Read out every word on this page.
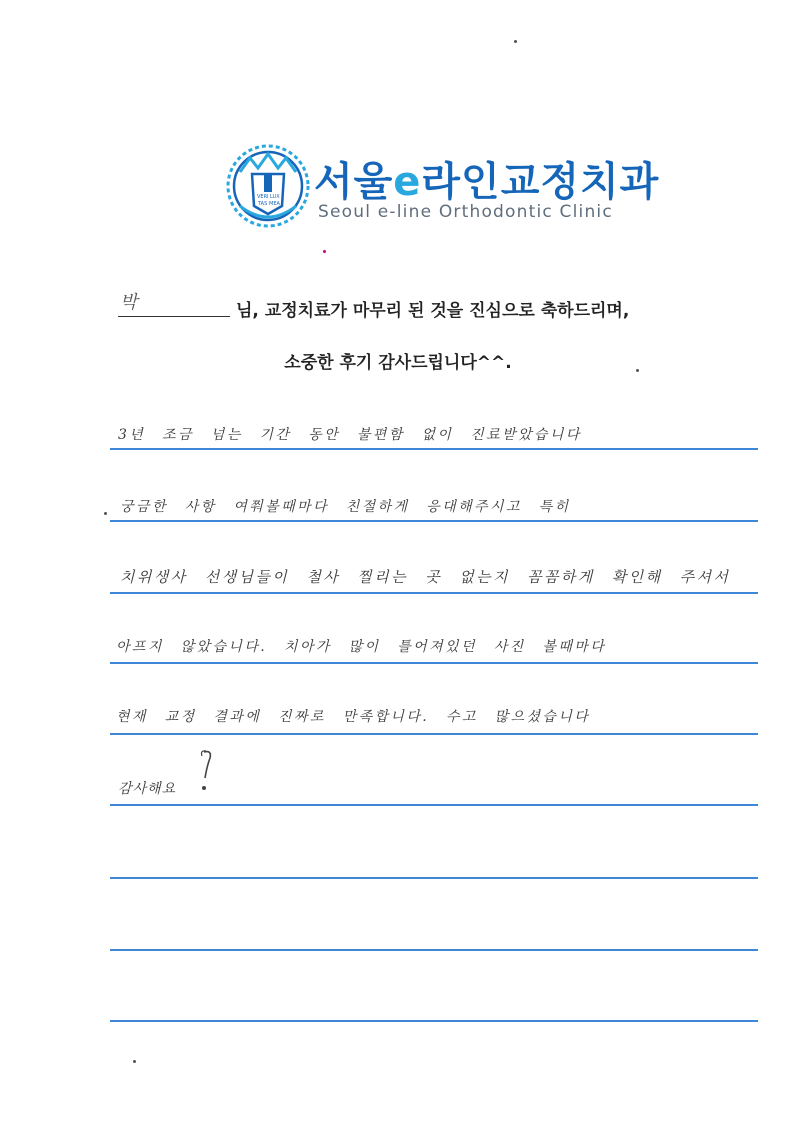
VERI LUX
TAS MEA 서울e라인교정치과
Seoul e-line Orthodontic Clinic
박	님, 교정치료가 마무리 된 것을 진심으로 축하드리며,
소중한 후기 감사드립니다^^.
3년 조금 넘는 기간 동안 불편함 없이 진료받았습니다
궁금한 사항 여쭤볼때마다 친절하게 응대해주시고 특히
치위생사 선생님들이 철사 찔리는 곳 없는지 꼼꼼하게 확인해 주셔서
아프지 않았습니다. 치아가 많이 틀어져있던 사진 볼때마다
현재 교정 결과에 진짜로 만족합니다. 수고 많으셨습니다
감사해요
